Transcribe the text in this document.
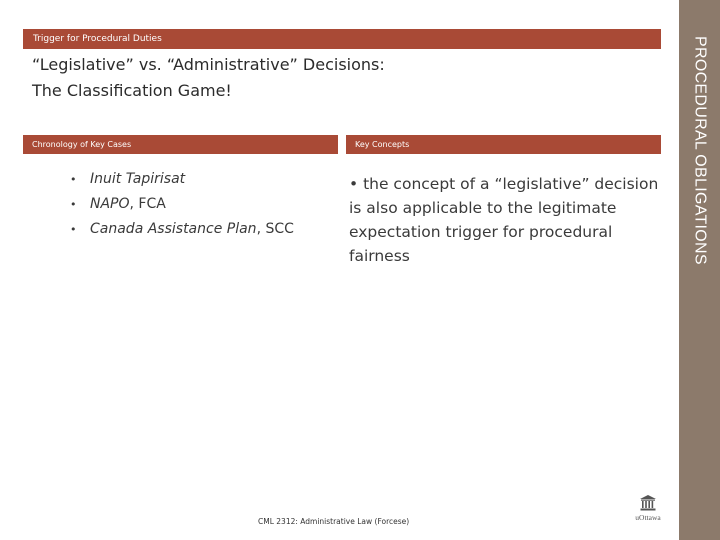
Trigger for Procedural Duties
“Legislative” vs. “Administrative” Decisions:
The Classification Game!
Chronology of Key Cases	Key Concepts
• Inuit Tapirisat
• NAPO, FCA
• Canada Assistance Plan, SCC
• the concept of a “legislative” decision is also applicable to the legitimate expectation trigger for procedural fairness	PROCEDURAL OBLIGATIONS
CML 2312: Administrative Law (Forcese)	uOttawa
